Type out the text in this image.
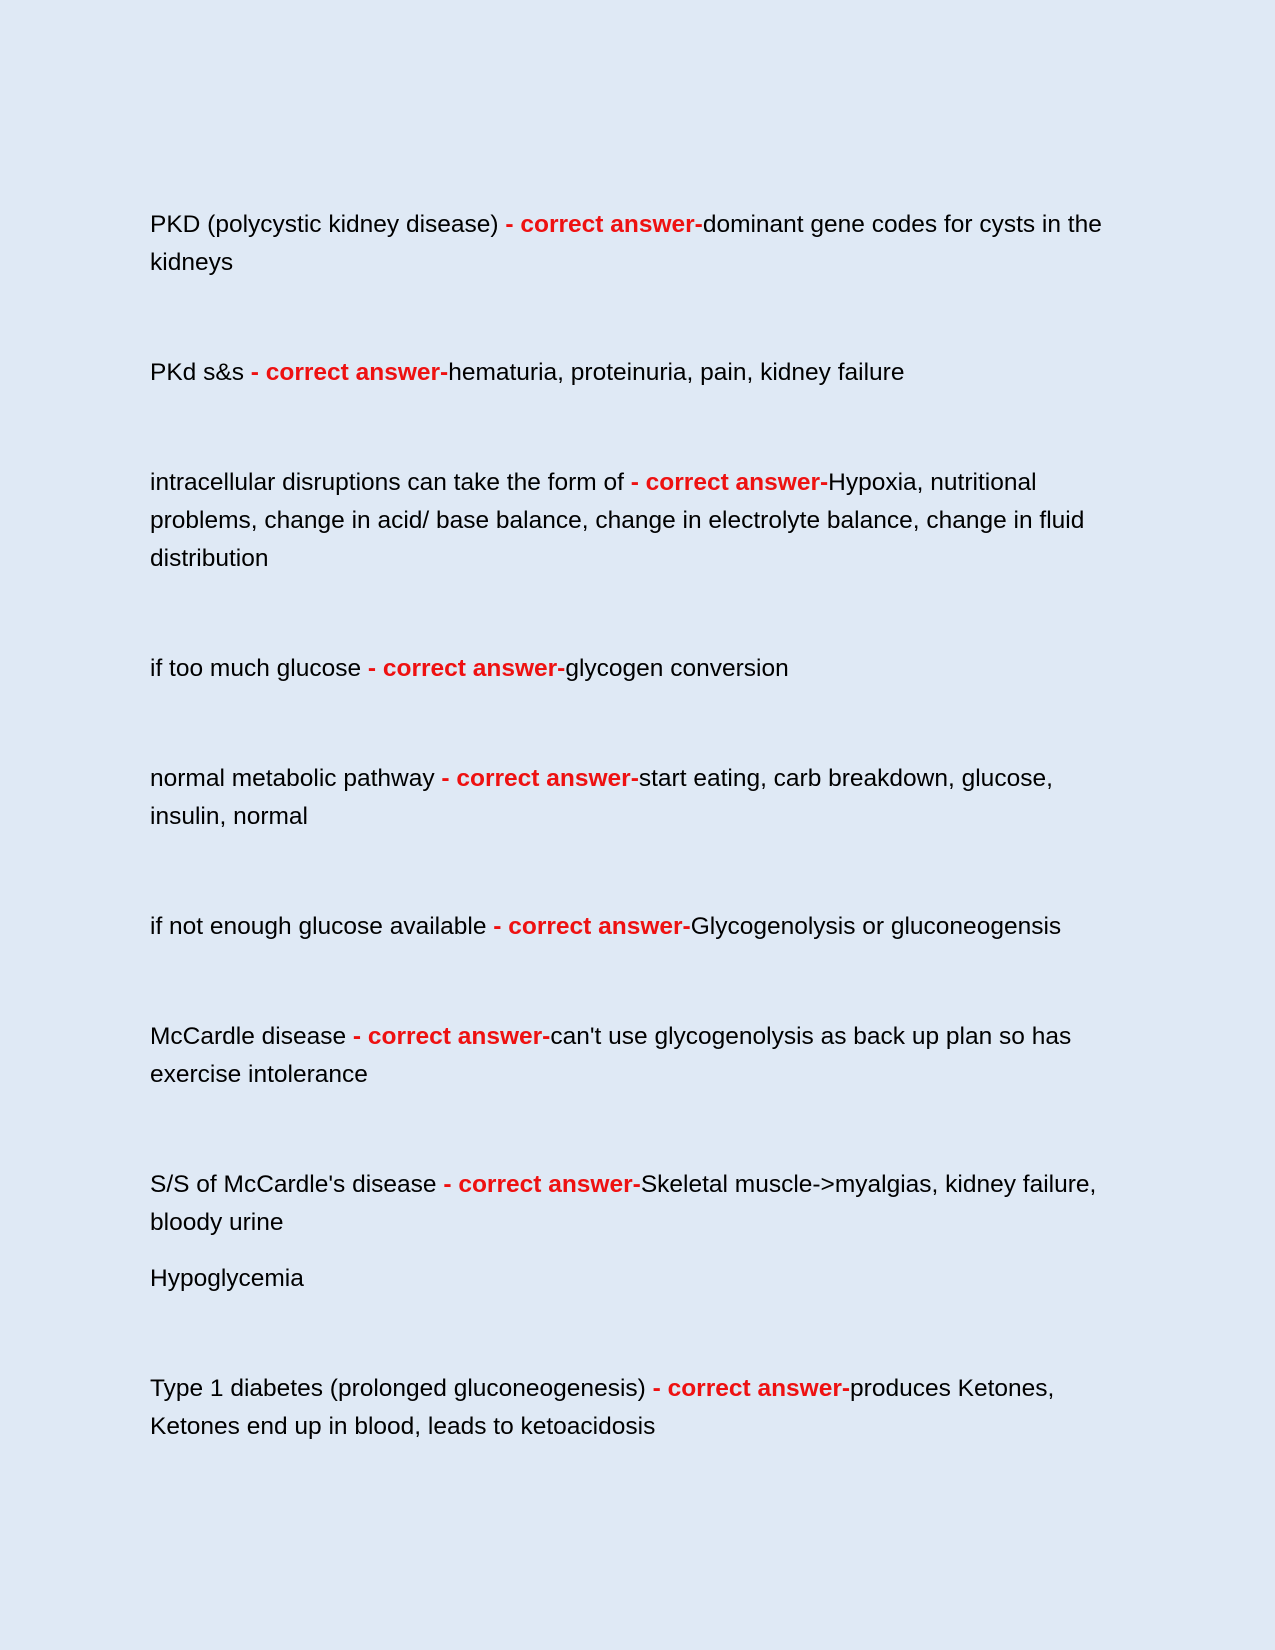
PKD (polycystic kidney disease) - correct answer-dominant gene codes for cysts in the kidneys

PKd s&s - correct answer-hematuria, proteinuria, pain, kidney failure

intracellular disruptions can take the form of - correct answer-Hypoxia, nutritional problems, change in acid/ base balance, change in electrolyte balance, change in fluid distribution

if too much glucose - correct answer-glycogen conversion

normal metabolic pathway - correct answer-start eating, carb breakdown, glucose, insulin, normal

if not enough glucose available - correct answer-Glycogenolysis or gluconeogensis

McCardle disease - correct answer-can't use glycogenolysis as back up plan so has exercise intolerance

S/S of McCardle's disease - correct answer-Skeletal muscle->myalgias, kidney failure, bloody urine

Hypoglycemia

Type 1 diabetes (prolonged gluconeogenesis) - correct answer-produces Ketones, Ketones end up in blood, leads to ketoacidosis
